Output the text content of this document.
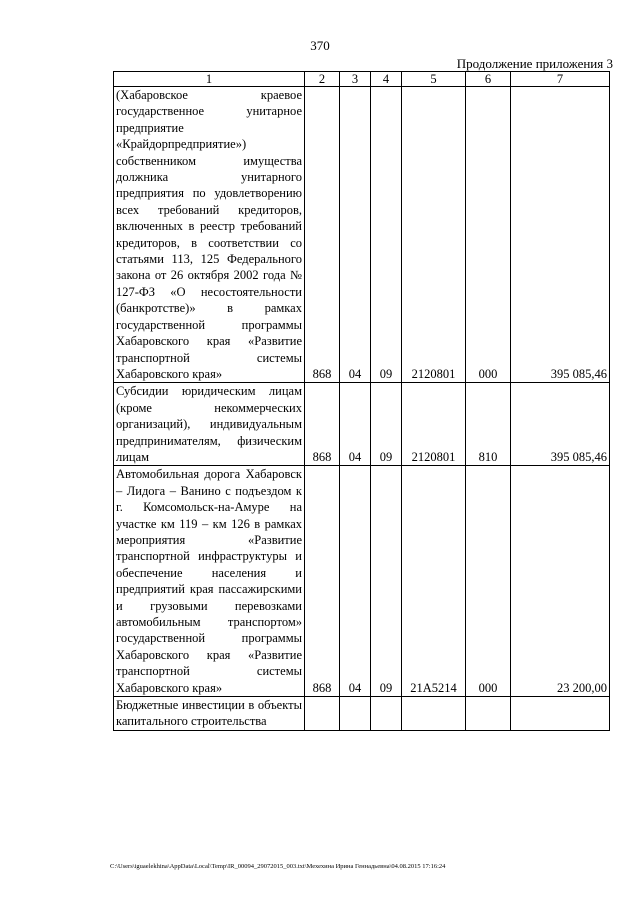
370
Продолжение приложения 3
1	2	3	4	5	6	7
(Хабаровское краевое государственное унитарное предприятие «Крайдорпредприятие») собственником имущества должника унитарного предприятия по удовлетворению всех требований кредиторов, включенных в реестр требований кредиторов, в соответствии со статьями 113, 125 Федерального закона от 26 октября 2002 года № 127-ФЗ «О несостоятельности (банкротстве)» в рамках государственной программы Хабаровского края «Развитие транспортной системы Хабаровского края»	868	04	09	2120801	000	395 085,46
Субсидии юридическим лицам (кроме некоммерческих организаций), индивидуальным предпринимателям, физическим лицам	868	04	09	2120801	810	395 085,46
Автомобильная дорога Хабаровск – Лидога – Ванино с подъездом к г. Комсомольск-на-Амуре на участке км 119 – км 126 в рамках мероприятия «Развитие транспортной инфраструктуры и обеспечение населения и предприятий края пассажирскими и грузовыми перевозками автомобильным транспортом» государственной программы Хабаровского края «Развитие транспортной системы Хабаровского края»	868	04	09	21А5214	000	23 200,00
Бюджетные инвестиции в объекты капитального строительства						
C:\Users\iguaelekhina\AppData\Local\Temp\IR_00094_29072015_003.txt\Мехехина Ирина Геннадьевна\04.08.2015 17:16:24
